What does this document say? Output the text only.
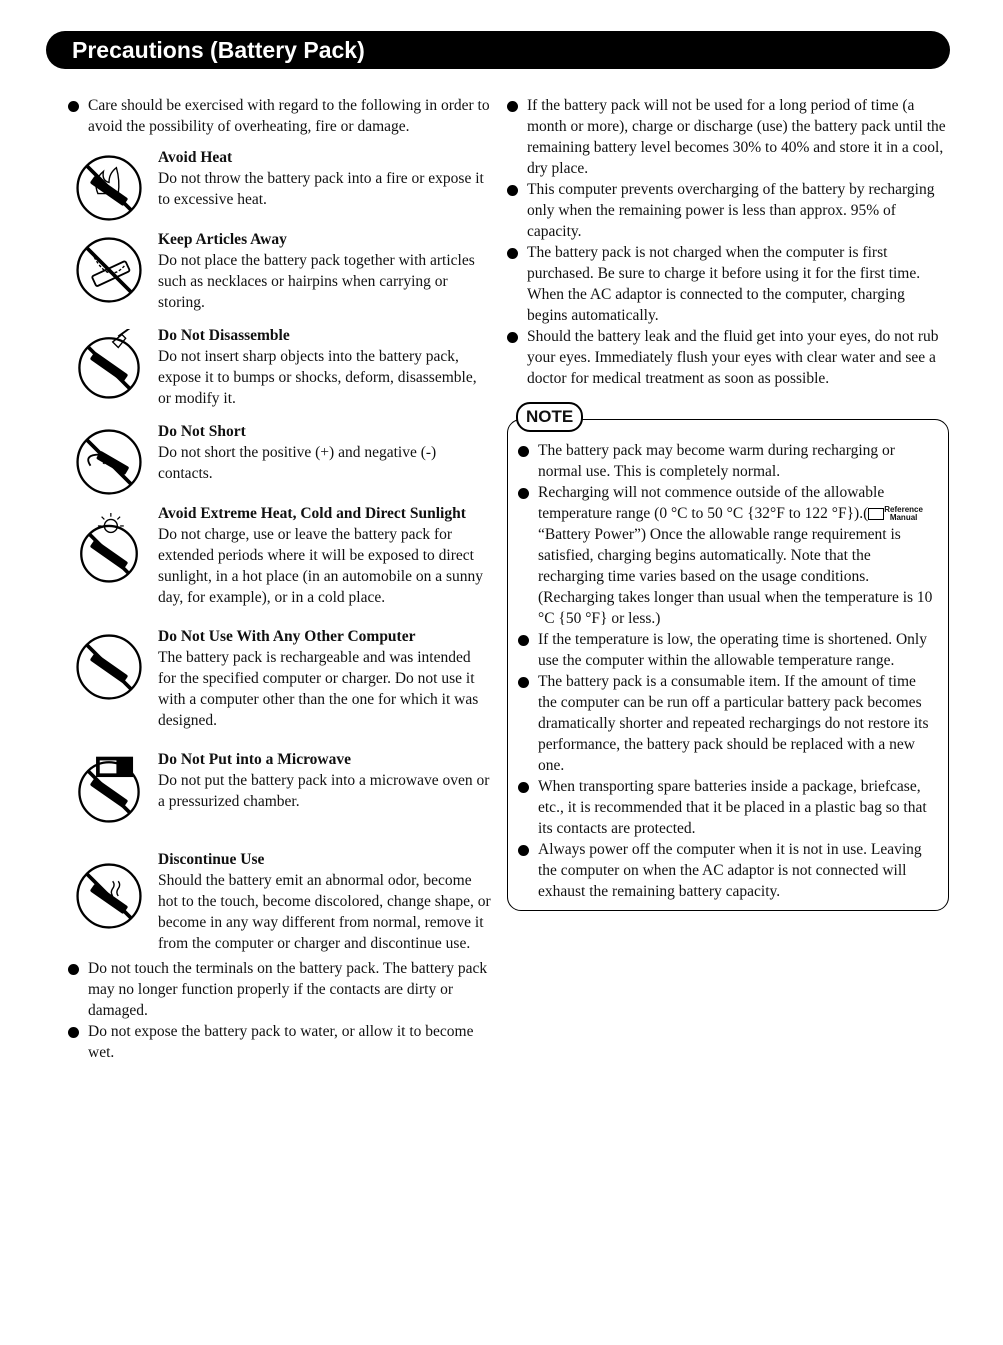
Precautions (Battery Pack)
Care should be exercised with regard to the following in order to avoid the possibility of overheating, fire or damage.
Avoid Heat
Do not throw the battery pack into a fire or expose it to excessive heat.
Keep Articles Away
Do not place the battery pack together with articles such as necklaces or hairpins when carrying or storing.
Do Not Disassemble
Do not insert sharp objects into the battery pack, expose it to bumps or shocks, deform, disassemble, or modify it.
Do Not Short
Do not short the positive (+) and negative (-) contacts.
Avoid Extreme Heat, Cold and Direct Sunlight
Do not charge, use or leave the battery pack for extended periods where it will be exposed to direct sunlight, in a hot place (in an automobile on a sunny day, for example), or in a cold place.
Do Not Use With Any Other Computer
The battery pack is rechargeable and was intended for the specified computer or charger. Do not use it with a computer other than the one for which it was designed.
Do Not Put into a Microwave
Do not put the battery pack into a microwave oven or a pressurized chamber.
Discontinue Use
Should the battery emit an abnormal odor, become hot to the touch, become discolored, change shape, or become in any way different from normal, remove it from the computer or charger and discontinue use.
Do not touch the terminals on the battery pack. The battery pack may no longer function properly if the contacts are dirty or damaged.
Do not expose the battery pack to water, or allow it to become wet.
If the battery pack will not be used for a long period of time (a month or more), charge or discharge (use) the battery pack until the remaining battery level becomes 30% to 40% and store it in a cool, dry place.
This computer prevents overcharging of the battery by recharging only when the remaining power is less than approx. 95% of capacity.
The battery pack is not charged when the computer is first purchased. Be sure to charge it before using it for the first time. When the AC adaptor is connected to the computer, charging begins automatically.
Should the battery leak and the fluid get into your eyes, do not rub your eyes. Immediately flush your eyes with clear water and see a doctor for medical treatment as soon as possible.
NOTE
The battery pack may become warm during recharging or normal use. This is completely normal.
Recharging will not commence outside of the allowable temperature range (0 °C to 50 °C {32°F to 122 °F}).( Reference
Manual “Battery Power”) Once the allowable range requirement is satisfied, charging begins automatically. Note that the recharging time varies based on the usage conditions. (Recharging takes longer than usual when the temperature is 10 °C {50 °F} or less.)
If the temperature is low, the operating time is shortened. Only use the computer within the allowable temperature range.
The battery pack is a consumable item. If the amount of time the computer can be run off a particular battery pack becomes dramatically shorter and repeated rechargings do not restore its performance, the battery pack should be replaced with a new one.
When transporting spare batteries inside a package, briefcase, etc., it is recommended that it be placed in a plastic bag so that its contacts are protected.
Always power off the computer when it is not in use. Leaving the computer on when the AC adaptor is not connected will exhaust the remaining battery capacity.
